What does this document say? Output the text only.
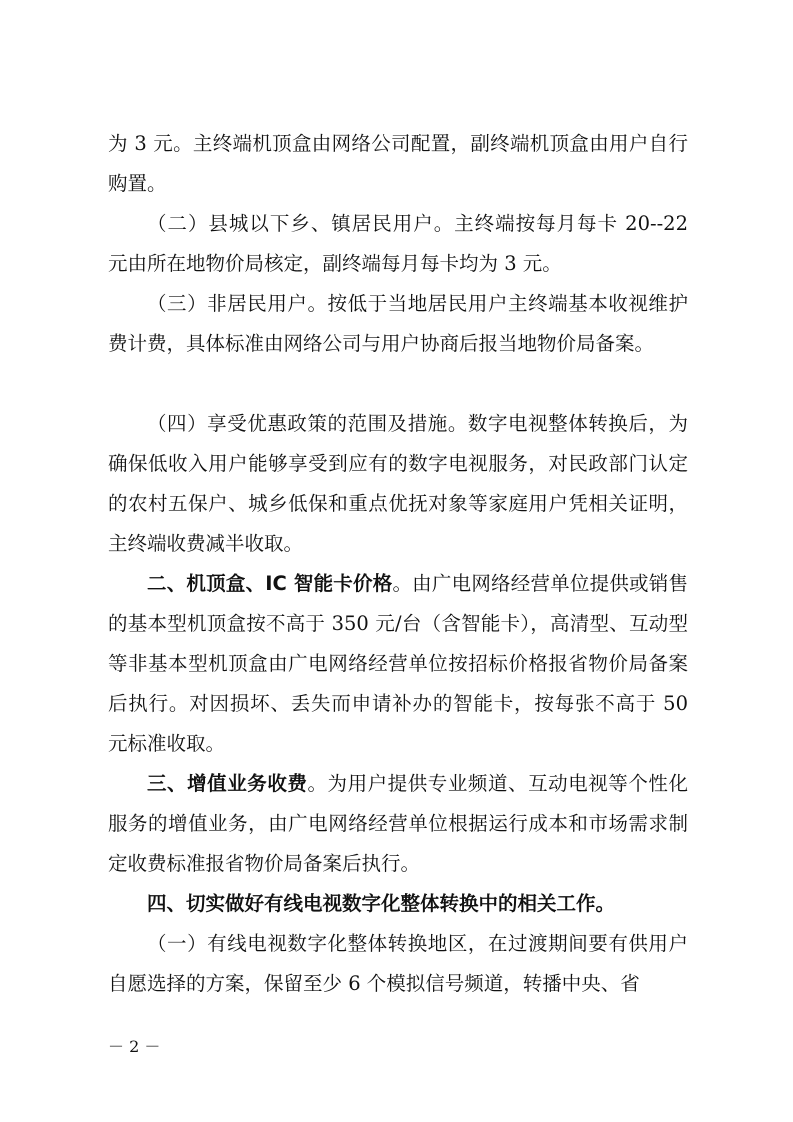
为 3 元。主终端机顶盒由网络公司配置，副终端机顶盒由用户自行购置。

（二）县城以下乡、镇居民用户。主终端按每月每卡 20--22 元由所在地物价局核定，副终端每月每卡均为 3 元。

（三）非居民用户。按低于当地居民用户主终端基本收视维护费计费，具体标准由网络公司与用户协商后报当地物价局备案。

（四）享受优惠政策的范围及措施。数字电视整体转换后，为确保低收入用户能够享受到应有的数字电视服务，对民政部门认定的农村五保户、城乡低保和重点优抚对象等家庭用户凭相关证明，主终端收费减半收取。

二、机顶盒、IC 智能卡价格。由广电网络经营单位提供或销售的基本型机顶盒按不高于 350 元/台（含智能卡），高清型、互动型等非基本型机顶盒由广电网络经营单位按招标价格报省物价局备案后执行。对因损坏、丢失而申请补办的智能卡，按每张不高于 50 元标准收取。

三、增值业务收费。为用户提供专业频道、互动电视等个性化服务的增值业务，由广电网络经营单位根据运行成本和市场需求制定收费标准报省物价局备案后执行。

四、切实做好有线电视数字化整体转换中的相关工作。

（一）有线电视数字化整体转换地区，在过渡期间要有供用户自愿选择的方案，保留至少 6 个模拟信号频道，转播中央、省

－ 2 －
